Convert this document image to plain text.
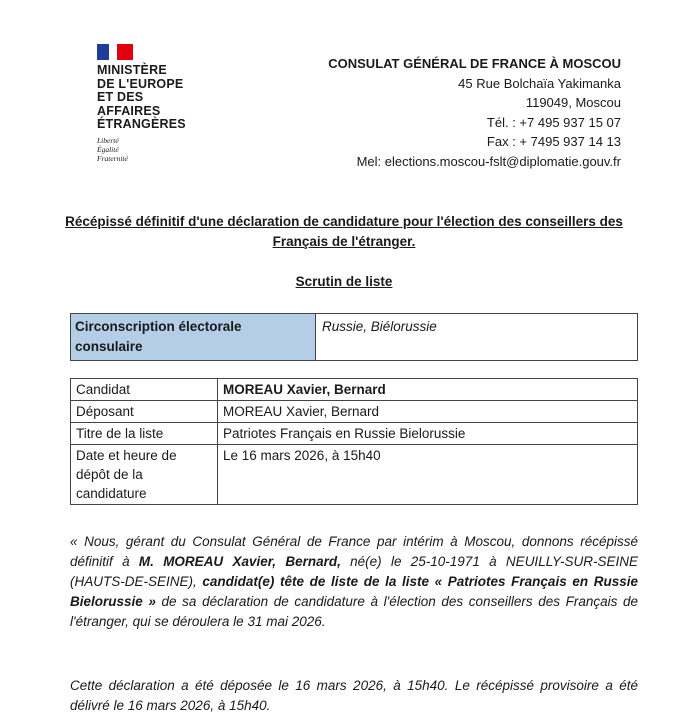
MINISTÈRE
DE L'EUROPE
ET DES AFFAIRES
ÉTRANGÈRES
Liberté
Égalité
Fraternité
CONSULAT GÉNÉRAL DE FRANCE À MOSCOU
45 Rue Bolchaïa Yakimanka
119049, Moscou
Tél. : +7 495 937 15 07
Fax : + 7495 937 14 13
Mel: elections.moscou-fslt@diplomatie.gouv.fr
Récépissé définitif d'une déclaration de candidature pour l'élection des conseillers des Français de l'étranger.
Scrutin de liste
Circonscription électorale consulaire	Russie, Biélorussie
Candidat	MOREAU Xavier, Bernard
Déposant	MOREAU Xavier, Bernard
Titre de la liste	Patriotes Français en Russie Bielorussie
Date et heure de dépôt de la candidature	Le 16 mars 2026, à 15h40
« Nous, gérant du Consulat Général de France par intérim à Moscou, donnons récépissé définitif à M. MOREAU Xavier, Bernard, né(e) le 25-10-1971 à NEUILLY-SUR-SEINE (HAUTS-DE-SEINE), candidat(e) tête de liste de la liste « Patriotes Français en Russie Bielorussie » de sa déclaration de candidature à l'élection des conseillers des Français de l'étranger, qui se déroulera le 31 mai 2026.
Cette déclaration a été déposée le 16 mars 2026, à 15h40. Le récépissé provisoire a été délivré le 16 mars 2026, à 15h40.
